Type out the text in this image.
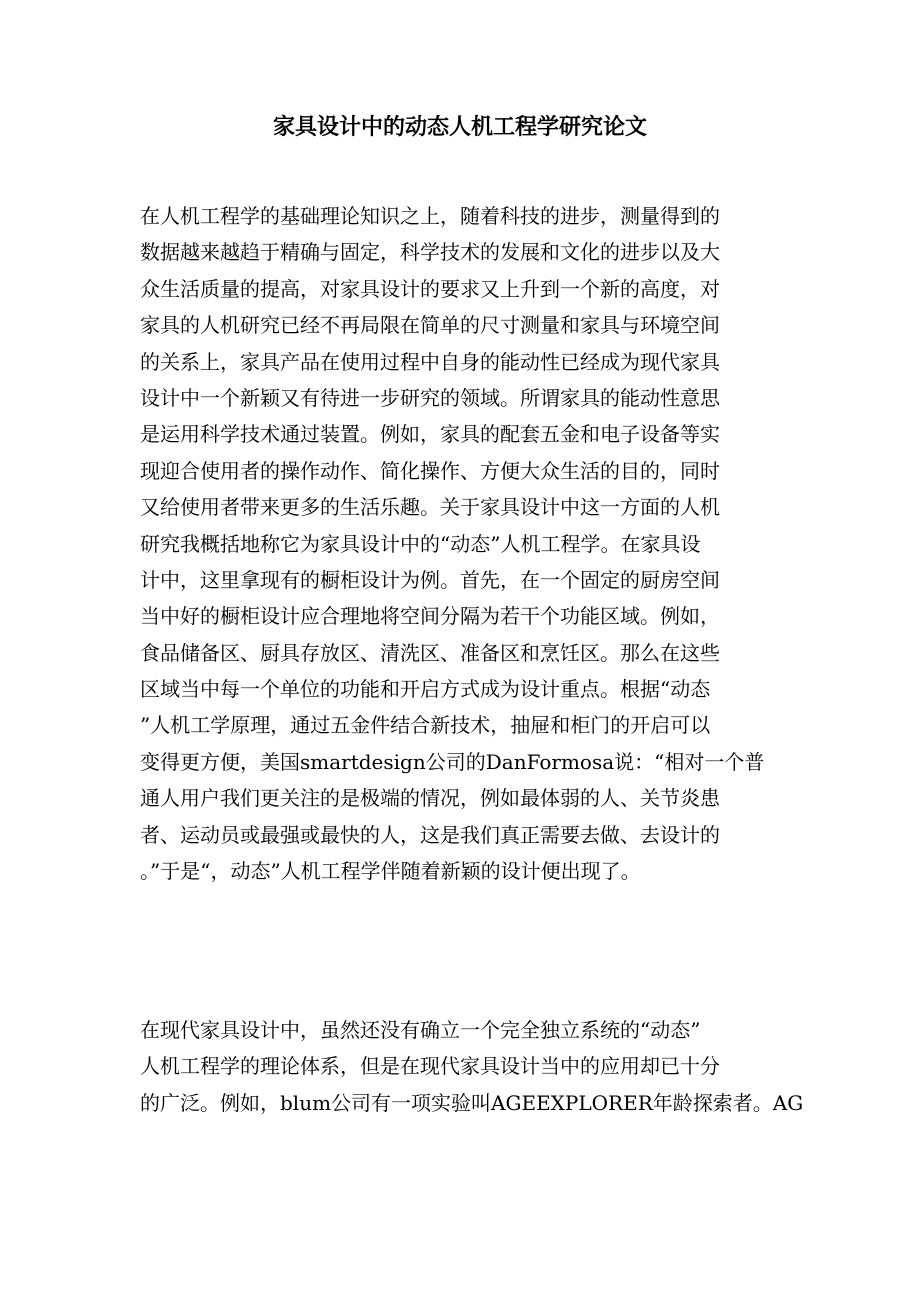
家具设计中的动态人机工程学研究论文
在人机工程学的基础理论知识之上，随着科技的进步，测量得到的
数据越来越趋于精确与固定，科学技术的发展和文化的进步以及大
众生活质量的提高，对家具设计的要求又上升到一个新的高度，对
家具的人机研究已经不再局限在简单的尺寸测量和家具与环境空间
的关系上，家具产品在使用过程中自身的能动性已经成为现代家具
设计中一个新颖又有待进一步研究的领域。所谓家具的能动性意思
是运用科学技术通过装置。例如，家具的配套五金和电子设备等实
现迎合使用者的操作动作、简化操作、方便大众生活的目的，同时
又给使用者带来更多的生活乐趣。关于家具设计中这一方面的人机
研究我概括地称它为家具设计中的“动态”人机工程学。在家具设
计中，这里拿现有的橱柜设计为例。首先，在一个固定的厨房空间
当中好的橱柜设计应合理地将空间分隔为若干个功能区域。例如，
食品储备区、厨具存放区、清洗区、准备区和烹饪区。那么在这些
区域当中每一个单位的功能和开启方式成为设计重点。根据“动态
”人机工学原理，通过五金件结合新技术，抽屉和柜门的开启可以
变得更方便，美国smartdesign公司的DanFormosa说：“相对一个普
通人用户我们更关注的是极端的情况，例如最体弱的人、关节炎患
者、运动员或最强或最快的人，这是我们真正需要去做、去设计的
。”于是“，动态”人机工程学伴随着新颖的设计便出现了。
在现代家具设计中，虽然还没有确立一个完全独立系统的“动态”
人机工程学的理论体系，但是在现代家具设计当中的应用却已十分
的广泛。例如，blum公司有一项实验叫AGEEXPLORER年龄探索者。AG
